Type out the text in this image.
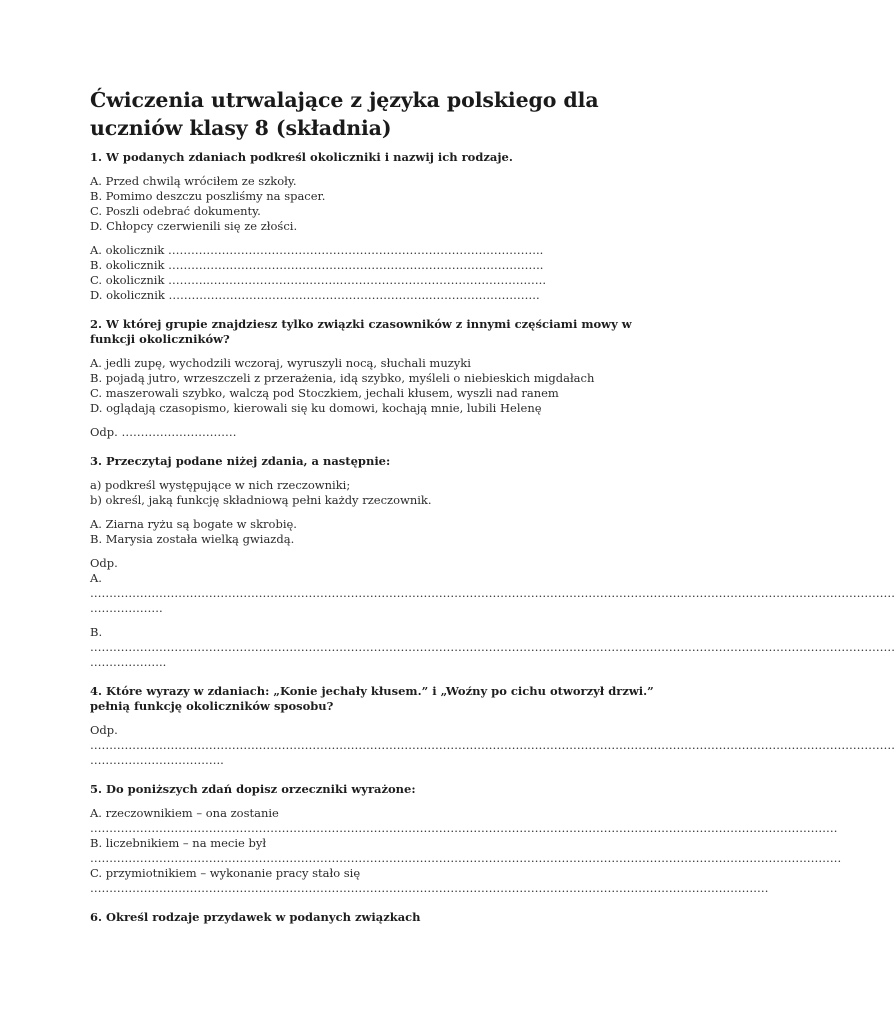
Ćwiczenia utrwalające z języka polskiego dla uczniów klasy 8 (składnia)
1. W podanych zdaniach podkreśl okoliczniki i nazwij ich rodzaje.
A. Przed chwilą wróciłem ze szkoły.
B. Pomimo deszczu poszliśmy na spacer.
C. Poszli odebrać dokumenty.
D. Chłopcy czerwienili się ze złości.
A. okolicznik ……………………………………………………………………………………..
B. okolicznik ……………………………………………………………………………………..
C. okolicznik ………..……………………..……..………………………………………….…..
D. okolicznik …………………………………………………………..………………………..
2. W której grupie znajdziesz tylko związki czasowników z innymi częściami mowy w funkcji okoliczników?
A. jedli zupę, wychodzili wczoraj, wyruszyli nocą, słuchali muzyki
B. pojadą jutro, wrzeszczeli z przerażenia, idą szybko, myśleli o niebieskich migdałach
C. maszerowali szybko, walczą pod Stoczkiem, jechali kłusem, wyszli nad ranem
D. oglądają czasopismo, kierowali się ku domowi, kochają mnie, lubili Helenę
Odp. …………………………
3. Przeczytaj podane niżej zdania, a następnie:
a) podkreśl występujące w nich rzeczowniki;
b) określ, jaką funkcję składniową pełni każdy rzeczownik.
A. Ziarna ryżu są bogate w skrobię.
B. Marysia została wielką gwiazdą.
Odp.
A.
…………………………………………………………………………………………………………………………………………………………………………………………
……………….
B.
…………………………………………………………………………………………………………………………………………………………………………………………
………………..
4. Które wyrazy w zdaniach: „Konie jechały kłusem.” i „Woźny po cichu otworzył drzwi.” pełnią funkcję okoliczników sposobu?
Odp.
…………………………………………………………………………………………………………………………………………………………………………………………
……………………………..
5. Do poniższych zdań dopisz orzeczniki wyrażone:
A. rzeczownikiem – ona zostanie
……………………………………………………………………………………………………………………………………………………………………………
B. liczebnikiem – na mecie był
…………………………………………………………………………………………………………………………………………………………………………….
C. przymiotnikiem – wykonanie pracy stało się
……………………………………………………………………………………………………………………………………………………………
6. Określ rodzaje przydawek w podanych związkach
